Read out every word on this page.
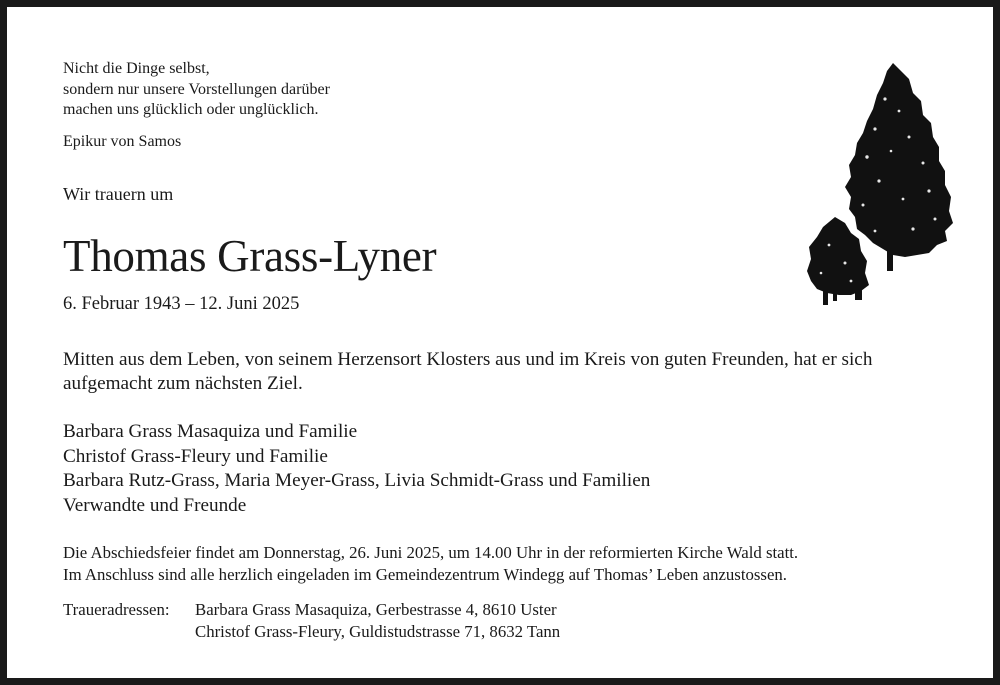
Nicht die Dinge selbst,
sondern nur unsere Vorstellungen darüber
machen uns glücklich oder unglücklich.
Epikur von Samos
Wir trauern um
Thomas Grass-Lyner
6. Februar 1943 – 12. Juni 2025
Mitten aus dem Leben, von seinem Herzensort Klosters aus und im Kreis von guten Freunden, hat er sich aufgemacht zum nächsten Ziel.
Barbara Grass Masaquiza und Familie
Christof Grass-Fleury und Familie
Barbara Rutz-Grass, Maria Meyer-Grass, Livia Schmidt-Grass und Familien
Verwandte und Freunde
Die Abschiedsfeier findet am Donnerstag, 26. Juni 2025, um 14.00 Uhr in der reformierten Kirche Wald statt.
Im Anschluss sind alle herzlich eingeladen im Gemeindezentrum Windegg auf Thomas’ Leben anzustossen.
Traueradressen:	Barbara Grass Masaquiza, Gerbestrasse 4, 8610 Uster
Christof Grass-Fleury, Guldistudstrasse 71, 8632 Tann
